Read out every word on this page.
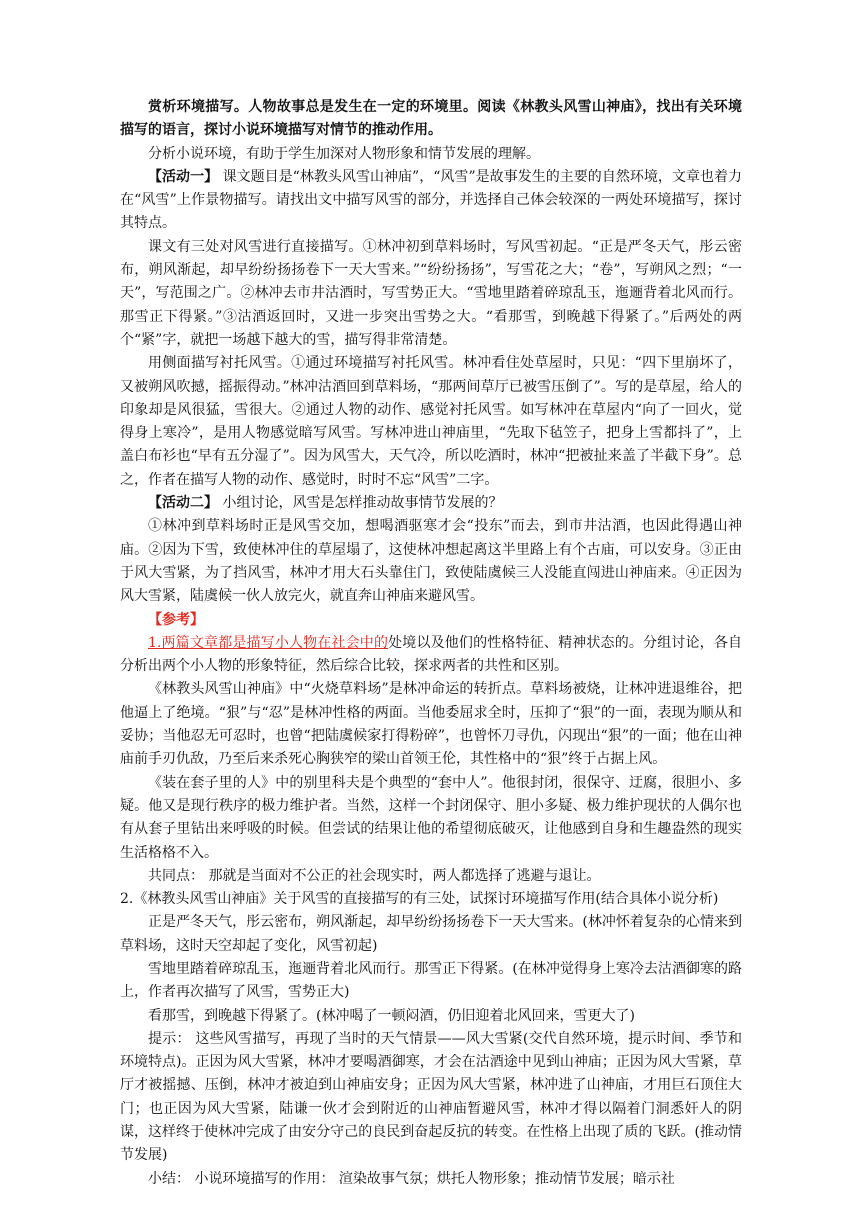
赏析环境描写。人物故事总是发生在一定的环境里。阅读《林教头风雪山神庙》，找出有关环境描写的语言，探讨小说环境描写对情节的推动作用。

分析小说环境，有助于学生加深对人物形象和情节发展的理解。

【活动一】 课文题目是“林教头风雪山神庙”，“风雪”是故事发生的主要的自然环境，文章也着力在“风雪”上作景物描写。请找出文中描写风雪的部分，并选择自己体会较深的一两处环境描写，探讨其特点。

课文有三处对风雪进行直接描写。①林冲初到草料场时，写风雪初起。“正是严冬天气，彤云密布，朔风渐起，却早纷纷扬扬卷下一天大雪来。”“纷纷扬扬”，写雪花之大；“卷”，写朔风之烈；“一天”，写范围之广。②林冲去市井沽酒时，写雪势正大。“雪地里踏着碎琼乱玉，迤逦背着北风而行。那雪正下得紧。”③沽酒返回时，又进一步突出雪势之大。“看那雪，到晚越下得紧了。”后两处的两个“紧”字，就把一场越下越大的雪，描写得非常清楚。

用侧面描写衬托风雪。①通过环境描写衬托风雪。林冲看住处草屋时，只见：“四下里崩坏了，又被朔风吹撼，摇振得动。”林冲沽酒回到草料场，“那两间草厅已被雪压倒了”。写的是草屋，给人的印象却是风很猛，雪很大。②通过人物的动作、感觉衬托风雪。如写林冲在草屋内“向了一回火，觉得身上寒冷”，是用人物感觉暗写风雪。写林冲进山神庙里，“先取下毡笠子，把身上雪都抖了”，上盖白布衫也“早有五分湿了”。因为风雪大，天气冷，所以吃酒时，林冲“把被扯来盖了半截下身”。总之，作者在描写人物的动作、感觉时，时时不忘“风雪”二字。

【活动二】 小组讨论，风雪是怎样推动故事情节发展的？

①林冲到草料场时正是风雪交加，想喝酒驱寒才会“投东”而去，到市井沽酒，也因此得遇山神庙。②因为下雪，致使林冲住的草屋塌了，这使林冲想起离这半里路上有个古庙，可以安身。③正由于风大雪紧，为了挡风雪，林冲才用大石头靠住门，致使陆虞候三人没能直闯进山神庙来。④正因为风大雪紧，陆虞候一伙人放完火，就直奔山神庙来避风雪。

【参考】

1.两篇文章都是描写小人物在社会中的处境以及他们的性格特征、精神状态的。分组讨论，各自分析出两个小人物的形象特征，然后综合比较，探求两者的共性和区别。

《林教头风雪山神庙》中“火烧草料场”是林冲命运的转折点。草料场被烧，让林冲进退维谷，把他逼上了绝境。“狠”与“忍”是林冲性格的两面。当他委屈求全时，压抑了“狠”的一面，表现为顺从和妥协；当他忍无可忍时，也曾“把陆虞候家打得粉碎”，也曾怀刀寻仇，闪现出“狠”的一面；他在山神庙前手刃仇敌，乃至后来杀死心胸狭窄的梁山首领王伦，其性格中的“狠”终于占据上风。

《装在套子里的人》中的别里科夫是个典型的“套中人”。他很封闭，很保守、迂腐，很胆小、多疑。他又是现行秩序的极力维护者。当然，这样一个封闭保守、胆小多疑、极力维护现状的人偶尔也有从套子里钻出来呼吸的时候。但尝试的结果让他的希望彻底破灭，让他感到自身和生趣盎然的现实生活格格不入。

共同点： 那就是当面对不公正的社会现实时，两人都选择了逃避与退让。

2.《林教头风雪山神庙》关于风雪的直接描写的有三处，试探讨环境描写作用(结合具体小说分析)

正是严冬天气，彤云密布，朔风渐起，却早纷纷扬扬卷下一天大雪来。(林冲怀着复杂的心情来到草料场，这时天空却起了变化，风雪初起)

雪地里踏着碎琼乱玉，迤逦背着北风而行。那雪正下得紧。(在林冲觉得身上寒冷去沽酒御寒的路上，作者再次描写了风雪，雪势正大)

看那雪，到晚越下得紧了。(林冲喝了一顿闷酒，仍旧迎着北风回来，雪更大了)

提示： 这些风雪描写，再现了当时的天气情景——风大雪紧(交代自然环境，提示时间、季节和环境特点)。正因为风大雪紧，林冲才要喝酒御寒，才会在沽酒途中见到山神庙；正因为风大雪紧，草厅才被摇撼、压倒，林冲才被迫到山神庙安身；正因为风大雪紧，林冲进了山神庙，才用巨石顶住大门；也正因为风大雪紧，陆谦一伙才会到附近的山神庙暂避风雪，林冲才得以隔着门洞悉奸人的阴谋，这样终于使林冲完成了由安分守己的良民到奋起反抗的转变。在性格上出现了质的飞跃。(推动情节发展)

小结： 小说环境描写的作用： 渲染故事气氛；烘托人物形象；推动情节发展；暗示社
